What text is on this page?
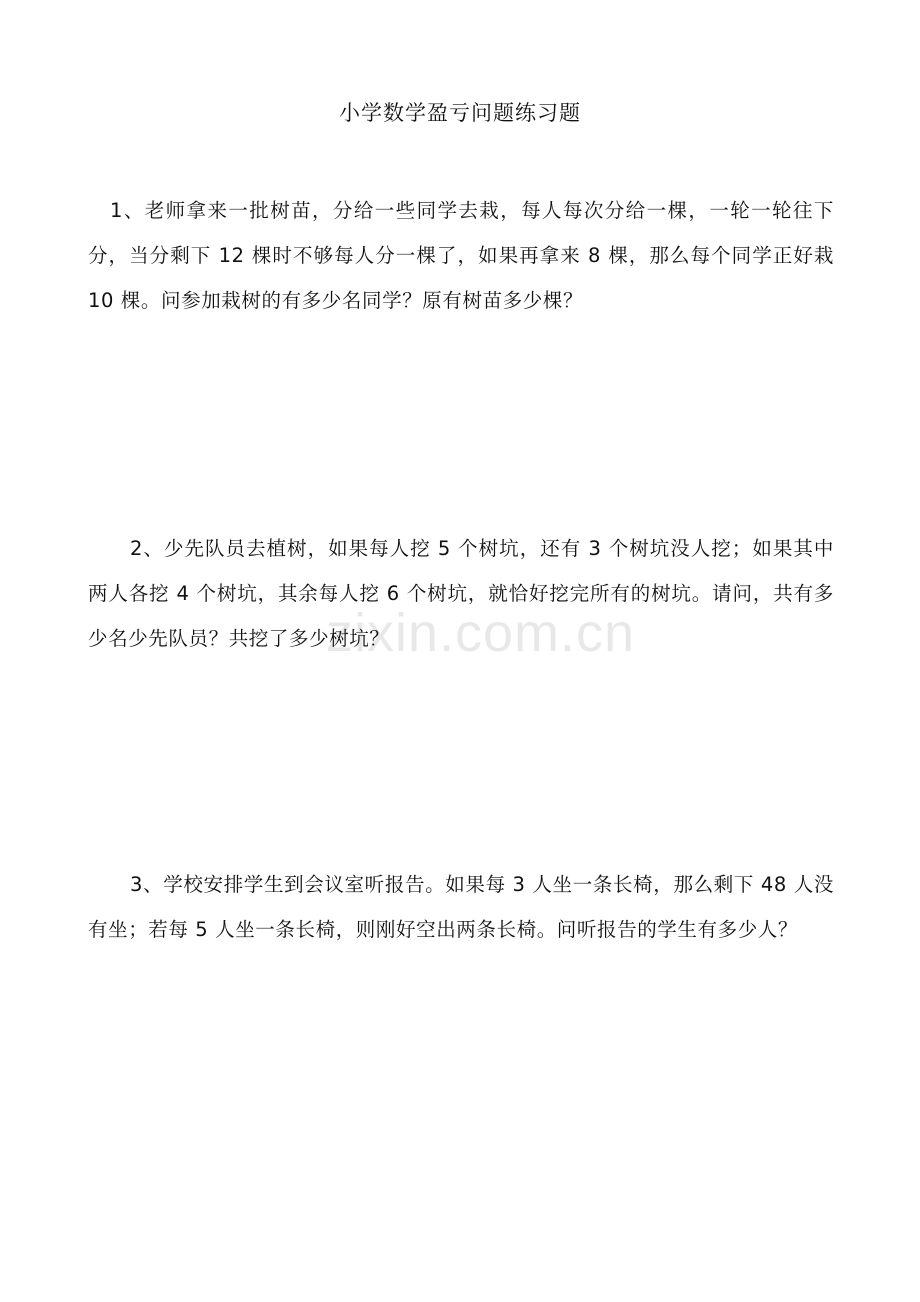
小学数学盈亏问题练习题

1、老师拿来一批树苗，分给一些同学去栽，每人每次分给一棵，一轮一轮往下分，当分剩下 12 棵时不够每人分一棵了，如果再拿来 8 棵，那么每个同学正好栽 10 棵。问参加栽树的有多少名同学？原有树苗多少棵？

2、少先队员去植树，如果每人挖 5 个树坑，还有 3 个树坑没人挖；如果其中两人各挖 4 个树坑，其余每人挖 6 个树坑，就恰好挖完所有的树坑。请问，共有多少名少先队员？共挖了多少树坑？

3、学校安排学生到会议室听报告。如果每 3 人坐一条长椅，那么剩下 48 人没有坐；若每 5 人坐一条长椅，则刚好空出两条长椅。问听报告的学生有多少人？

zixin.com.cn
